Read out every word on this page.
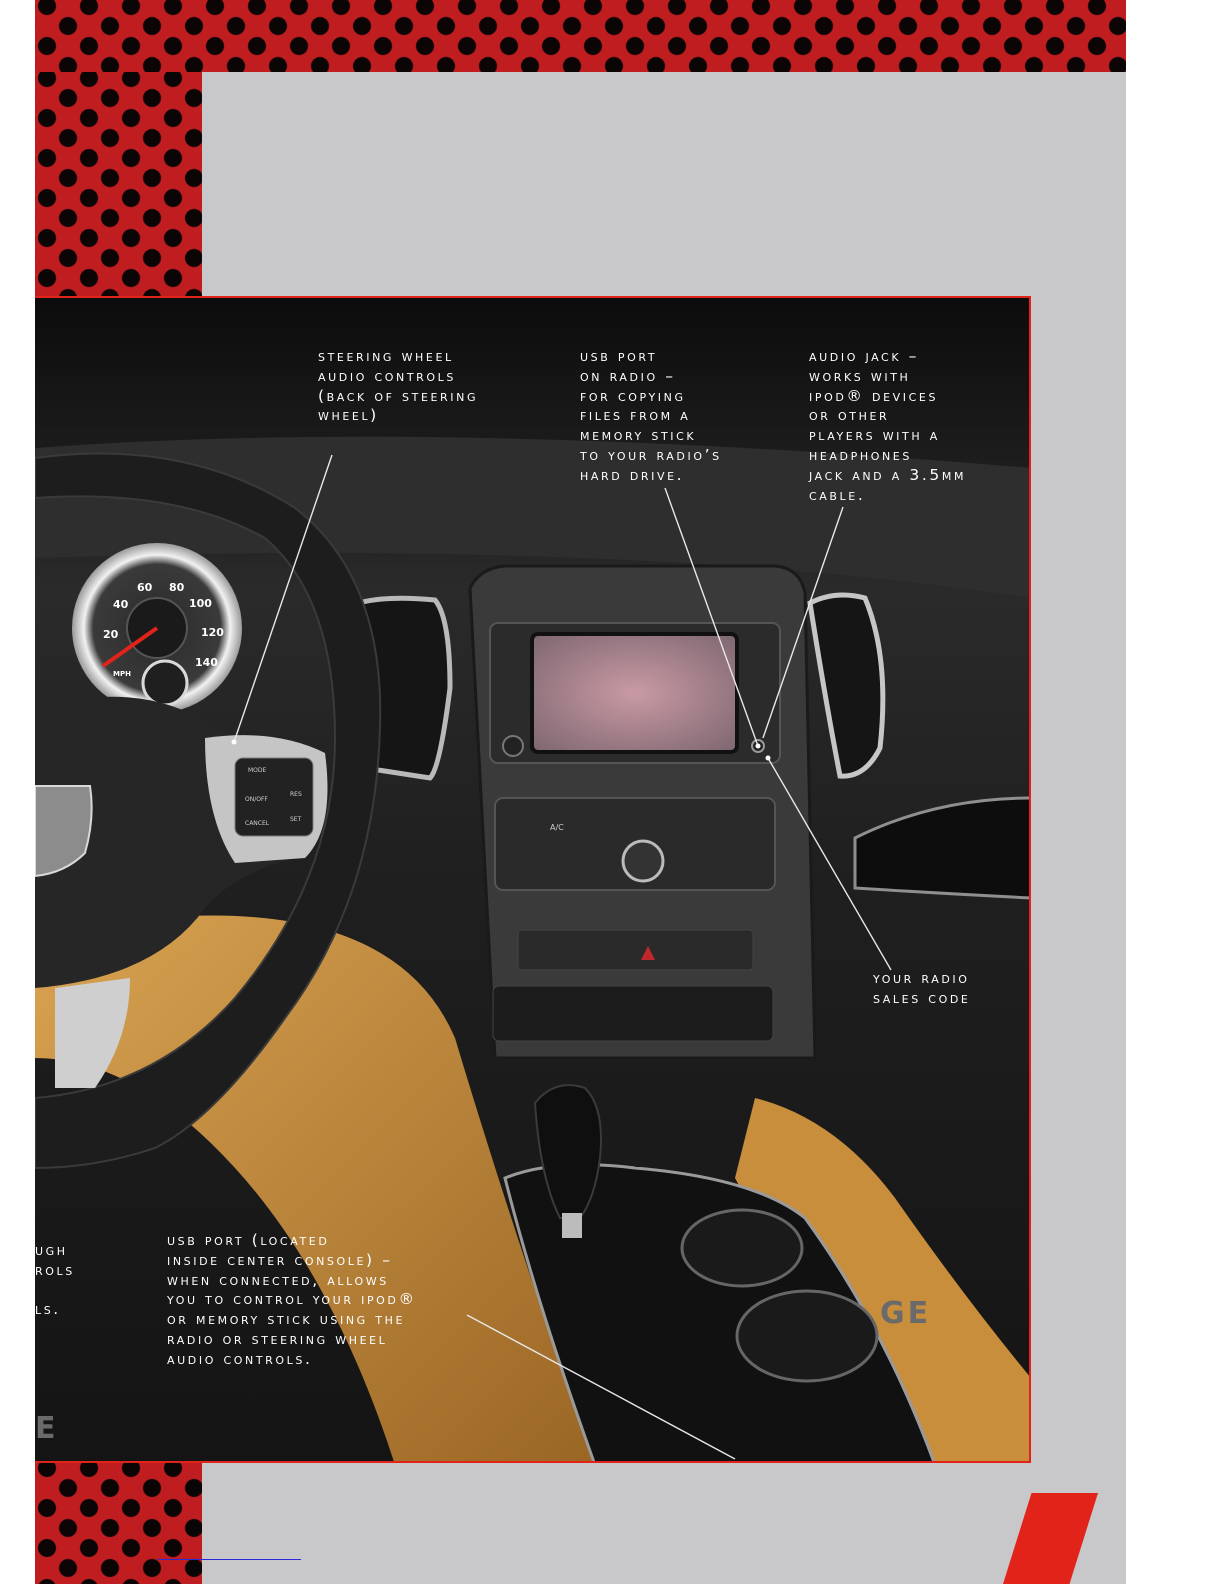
A/C
GE
E
20
40
60 80
100
120
140
MPH
MODE
ON/OFF
RES
CANCEL
SET
steering wheel
audio controls
(back of steering
wheel)
usb port
on radio –
for copying
files from a
memory stick
to your radio’s
hard drive.
audio jack –
works with
ipod® devices
or other
players with a
headphones
jack and a 3.5mm
cable.
your radio
sales code
usb port (located
inside center console) –
when connected, allows
you to control your ipod®
or memory stick using the
radio or steering wheel
audio controls.
ugh
rols

ls.
